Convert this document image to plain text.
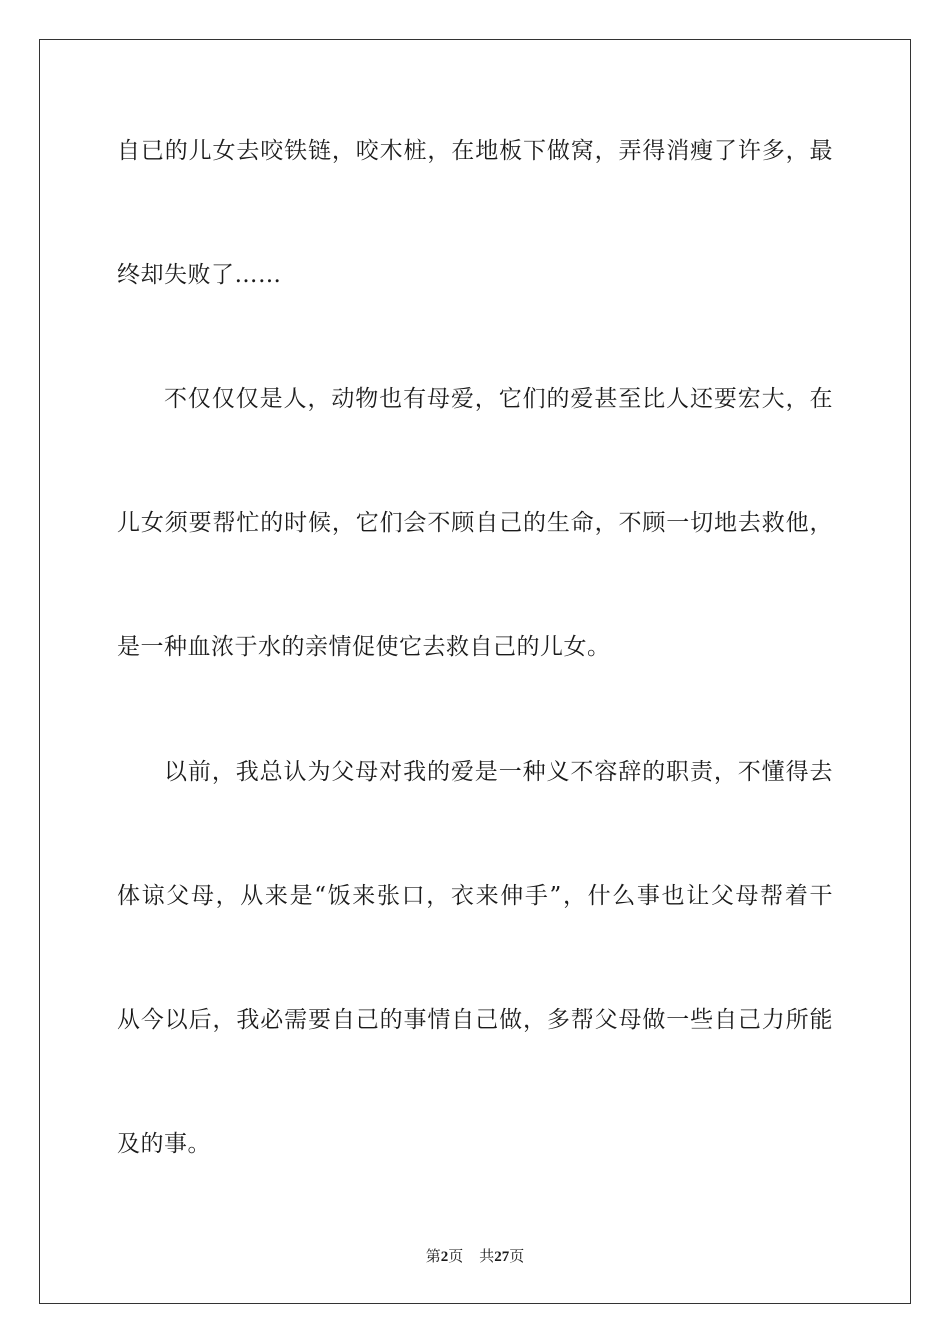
自已的儿女去咬铁链，咬木桩，在地板下做窝，弄得消瘦了许多，最
终却失败了……
不仅仅仅是人，动物也有母爱，它们的爱甚至比人还要宏大，在
儿女须要帮忙的时候，它们会不顾自己的生命，不顾一切地去救他，
是一种血浓于水的亲情促使它去救自己的儿女。
以前，我总认为父母对我的爱是一种义不容辞的职责，不懂得去
体谅父母，从来是“饭来张口，衣来伸手”，什么事也让父母帮着干
从今以后，我必需要自己的事情自己做，多帮父母做一些自己力所能
及的事。
第2页 共27页
